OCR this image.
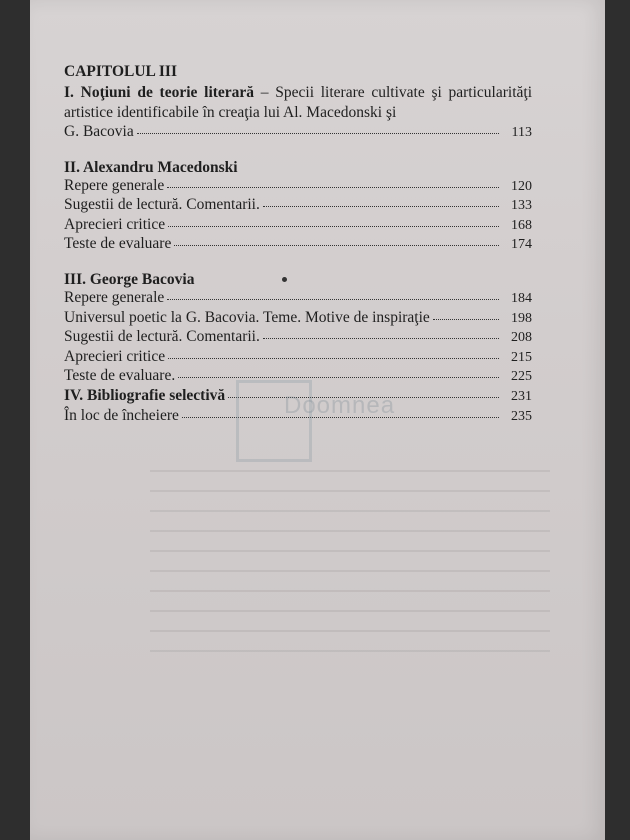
CAPITOLUL III
I. Noţiuni de teorie literară – Specii literare cultivate şi particularităţi artistice identificabile în creaţia lui Al. Macedonski şi
G. Bacovia	113
II. Alexandru Macedonski
Repere generale	120
Sugestii de lectură. Comentarii.	133
Aprecieri critice	168
Teste de evaluare	174
III. George Bacovia
Repere generale	184
Universul poetic la G. Bacovia. Teme. Motive de inspiraţie	198
Sugestii de lectură. Comentarii.	208
Aprecieri critice	215
Teste de evaluare.	225
IV. Bibliografie selectivă	231
În loc de încheiere	235
Doomnea
